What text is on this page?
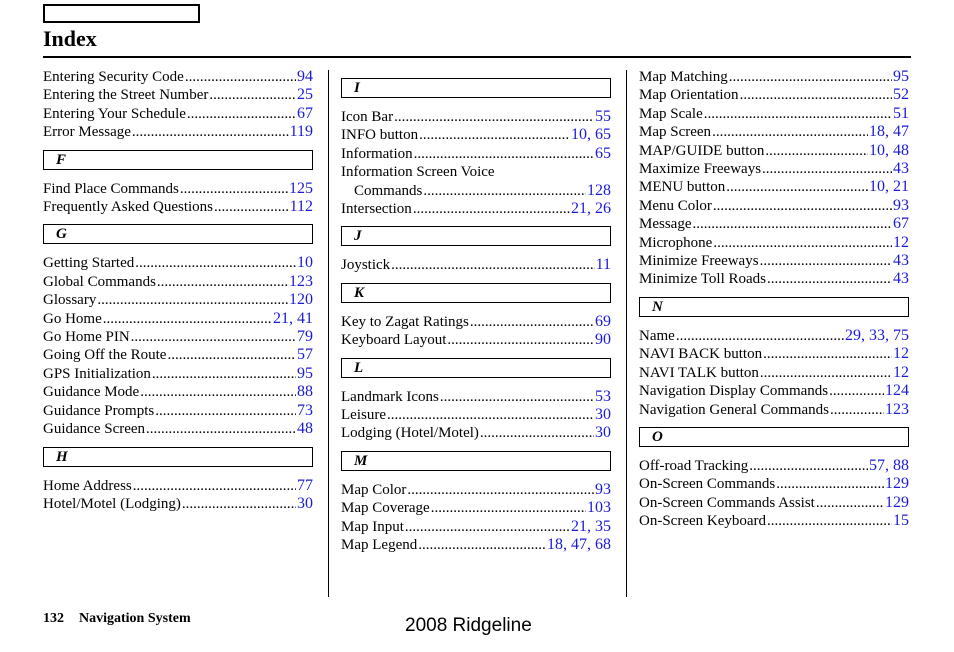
Index
Entering Security Code .....	94
Entering the Street Number .....	25
Entering Your Schedule .....	67
Error Message .....	119
F
Find Place Commands .....	125
Frequently Asked Questions .....	112
G
Getting Started .....	10
Global Commands .....	123
Glossary .....	120
Go Home .....	21, 41
Go Home PIN .....	79
Going Off the Route .....	57
GPS Initialization .....	95
Guidance Mode .....	88
Guidance Prompts .....	73
Guidance Screen .....	48
H
Home Address .....	77
Hotel/Motel (Lodging) .....	30
I
Icon Bar .....	55
INFO button .....	10, 65
Information .....	65
Information Screen Voice
Commands .....	128
Intersection .....	21, 26
J
Joystick .....	11
K
Key to Zagat Ratings .....	69
Keyboard Layout .....	90
L
Landmark Icons .....	53
Leisure .....	30
Lodging (Hotel/Motel) .....	30
M
Map Color .....	93
Map Coverage .....	103
Map Input .....	21, 35
Map Legend .....	18, 47, 68
Map Matching .....	95
Map Orientation .....	52
Map Scale .....	51
Map Screen .....	18, 47
MAP/GUIDE button .....	10, 48
Maximize Freeways .....	43
MENU button .....	10, 21
Menu Color .....	93
Message .....	67
Microphone .....	12
Minimize Freeways .....	43
Minimize Toll Roads .....	43
N
Name .....	29, 33, 75
NAVI BACK button .....	12
NAVI TALK button .....	12
Navigation Display Commands .....	124
Navigation General Commands .....	123
O
Off-road Tracking .....	57, 88
On-Screen Commands .....	129
On-Screen Commands Assist .....	129
On-Screen Keyboard .....	15
132 Navigation System	2008 Ridgeline
